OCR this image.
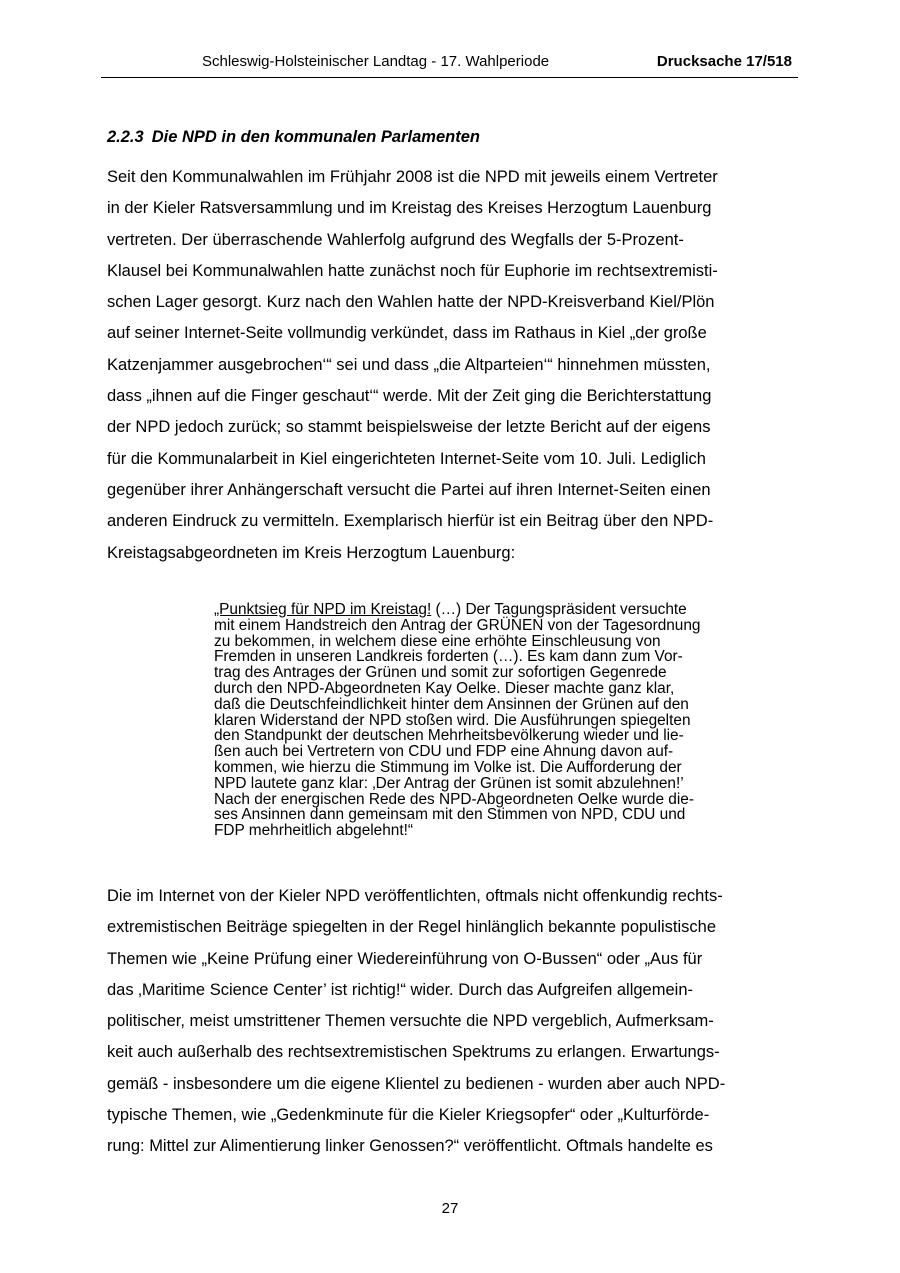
Schleswig-Holsteinischer Landtag - 17. Wahlperiode	Drucksache 17/518
2.2.3 Die NPD in den kommunalen Parlamenten
Seit den Kommunalwahlen im Frühjahr 2008 ist die NPD mit jeweils einem Vertreter
in der Kieler Ratsversammlung und im Kreistag des Kreises Herzogtum Lauenburg
vertreten. Der überraschende Wahlerfolg aufgrund des Wegfalls der 5-Prozent-
Klausel bei Kommunalwahlen hatte zunächst noch für Euphorie im rechtsextremisti-
schen Lager gesorgt. Kurz nach den Wahlen hatte der NPD-Kreisverband Kiel/Plön
auf seiner Internet-Seite vollmundig verkündet, dass im Rathaus in Kiel „der große
Katzenjammer ausgebrochen‘“ sei und dass „die Altparteien‘“ hinnehmen müssten,
dass „ihnen auf die Finger geschaut‘“ werde. Mit der Zeit ging die Berichterstattung
der NPD jedoch zurück; so stammt beispielsweise der letzte Bericht auf der eigens
für die Kommunalarbeit in Kiel eingerichteten Internet-Seite vom 10. Juli. Lediglich
gegenüber ihrer Anhängerschaft versucht die Partei auf ihren Internet-Seiten einen
anderen Eindruck zu vermitteln. Exemplarisch hierfür ist ein Beitrag über den NPD-
Kreistagsabgeordneten im Kreis Herzogtum Lauenburg:
„Punktsieg für NPD im Kreistag! (…) Der Tagungspräsident versuchte
mit einem Handstreich den Antrag der GRÜNEN von der Tagesordnung
zu bekommen, in welchem diese eine erhöhte Einschleusung von
Fremden in unseren Landkreis forderten (…). Es kam dann zum Vor-
trag des Antrages der Grünen und somit zur sofortigen Gegenrede
durch den NPD-Abgeordneten Kay Oelke. Dieser machte ganz klar,
daß die Deutschfeindlichkeit hinter dem Ansinnen der Grünen auf den
klaren Widerstand der NPD stoßen wird. Die Ausführungen spiegelten
den Standpunkt der deutschen Mehrheitsbevölkerung wieder und lie-
ßen auch bei Vertretern von CDU und FDP eine Ahnung davon auf-
kommen, wie hierzu die Stimmung im Volke ist. Die Aufforderung der
NPD lautete ganz klar: ‚Der Antrag der Grünen ist somit abzulehnen!’
Nach der energischen Rede des NPD-Abgeordneten Oelke wurde die-
ses Ansinnen dann gemeinsam mit den Stimmen von NPD, CDU und
FDP mehrheitlich abgelehnt!“
Die im Internet von der Kieler NPD veröffentlichten, oftmals nicht offenkundig rechts-
extremistischen Beiträge spiegelten in der Regel hinlänglich bekannte populistische
Themen wie „Keine Prüfung einer Wiedereinführung von O-Bussen“ oder „Aus für
das ‚Maritime Science Center’ ist richtig!“ wider. Durch das Aufgreifen allgemein-
politischer, meist umstrittener Themen versuchte die NPD vergeblich, Aufmerksam-
keit auch außerhalb des rechtsextremistischen Spektrums zu erlangen. Erwartungs-
gemäß - insbesondere um die eigene Klientel zu bedienen - wurden aber auch NPD-
typische Themen, wie „Gedenkminute für die Kieler Kriegsopfer“ oder „Kulturförde-
rung: Mittel zur Alimentierung linker Genossen?“ veröffentlicht. Oftmals handelte es
27
